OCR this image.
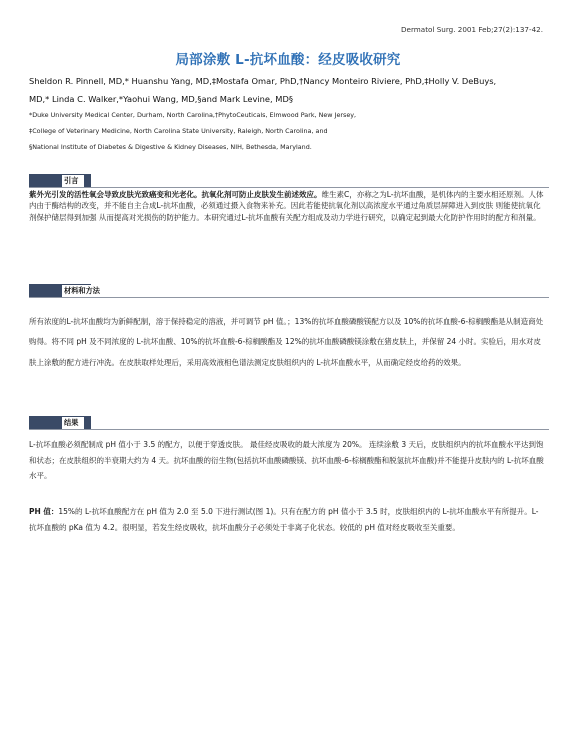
Dermatol Surg. 2001 Feb;27(2):137-42.
局部涂敷 L-抗坏血酸：经皮吸收研究
Sheldon R. Pinnell, MD,* Huanshu Yang, MD,‡Mostafa Omar, PhD,†Nancy Monteiro Riviere, PhD,‡Holly V. DeBuys,
MD,* Linda C. Walker,*Yaohui Wang, MD,§and Mark Levine, MD§
*Duke University Medical Center, Durham, North Carolina,†PhytoCeuticals, Elmwood Park, New Jersey,
‡College of Veterinary Medicine, North Carolina State University, Raleigh, North Carolina, and
§National Institute of Diabetes & Digestive & Kidney Diseases, NIH, Bethesda, Maryland.
引言
紫外光引发的活性氧会导致皮肤光致癌变和光老化。抗氧化剂可防止皮肤发生前述效应。维生素C，亦称之为L-抗坏血酸，是机体内的主要水相还原剂。人体内由于酶结构的改变，并不能自主合成L-抗坏血酸，必须通过摄入食物来补充。因此若能使抗氧化剂以高浓度水平通过角质层屏障进入到皮肤 则能使抗氧化剂保护储层得到加强 从而提高对光损伤的防护能力。本研究通过L-抗坏血酸有关配方组成及动力学进行研究，以确定起到最大化防护作用时的配方和剂量。
材料和方法
所有浓度的L-抗坏血酸均为新鲜配制，溶于保持稳定的溶液，并可调节 pH 值。；13%的抗坏血酸磷酸镁配方以及 10%的抗坏血酸-6-棕榈酸酯是从制造商处购得。将不同 pH 及不同浓度的 L-抗坏血酸、10%的抗坏血酸-6-棕榈酸酯及 12%的抗坏血酸磷酸镁涂敷在猪皮肤上，并保留 24 小时。实验后，用水对皮肤上涂敷的配方进行冲洗。在皮肤取样处理后，采用高效液相色谱法测定皮肤组织内的 L-抗坏血酸水平，从而确定经皮给药的效果。
结果
L-抗坏血酸必须配制成 pH 值小于 3.5 的配方，以便于穿透皮肤。 最佳经皮吸收的最大浓度为 20%。 连续涂敷 3 天后，皮肤组织内的抗坏血酸水平达到饱和状态；在皮肤组织的半衰期大约为 4 天。抗坏血酸的衍生物(包括抗坏血酸磷酸镁、抗坏血酸-6-棕榈酸酯和脱氢抗坏血酸)并不能提升皮肤内的 L-抗坏血酸水平。
PH 值：15%的 L-抗坏血酸配方在 pH 值为 2.0 至 5.0 下进行测试(图 1)。只有在配方的 pH 值小于 3.5 时，皮肤组织内的 L-抗坏血酸水平有所提升。L-抗坏血酸的 pKa 值为 4.2。很明显，若发生经皮吸收，抗坏血酸分子必须处于非离子化状态。较低的 pH 值对经皮吸收至关重要。
